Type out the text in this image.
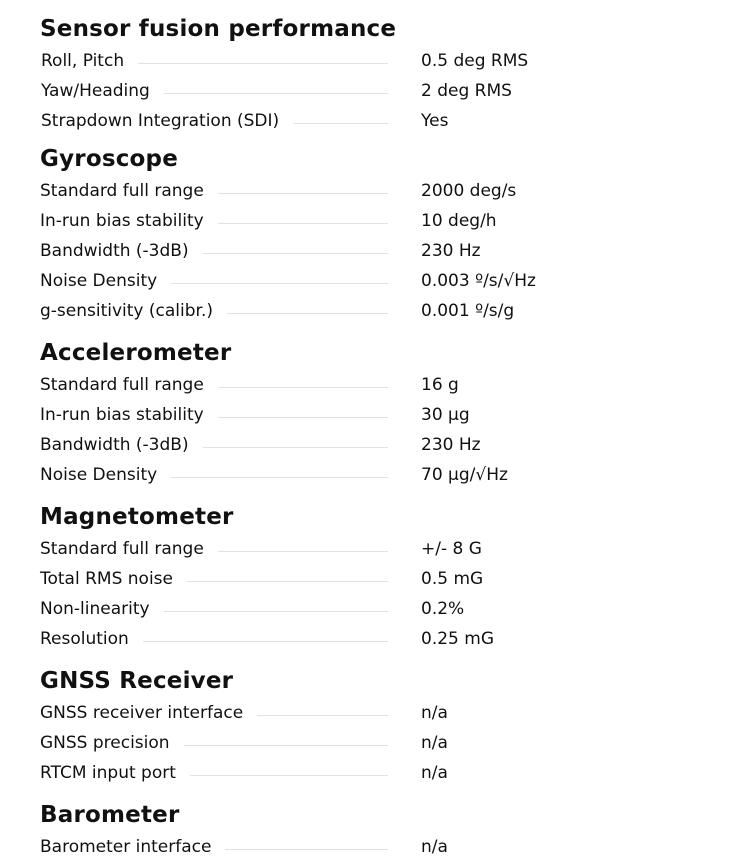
Sensor fusion performance
Roll, Pitch	0.5 deg RMS
Yaw/Heading	2 deg RMS
Strapdown Integration (SDI)	Yes
Gyroscope
Standard full range	2000 deg/s
In-run bias stability	10 deg/h
Bandwidth (-3dB)	230 Hz
Noise Density	0.003 º/s/√Hz
g-sensitivity (calibr.)	0.001 º/s/g
Accelerometer
Standard full range	16 g
In-run bias stability	30 µg
Bandwidth (-3dB)	230 Hz
Noise Density	70 µg/√Hz
Magnetometer
Standard full range	+/- 8 G
Total RMS noise	0.5 mG
Non-linearity	0.2%
Resolution	0.25 mG
GNSS Receiver
GNSS receiver interface	n/a
GNSS precision	n/a
RTCM input port	n/a
Barometer
Barometer interface	n/a
